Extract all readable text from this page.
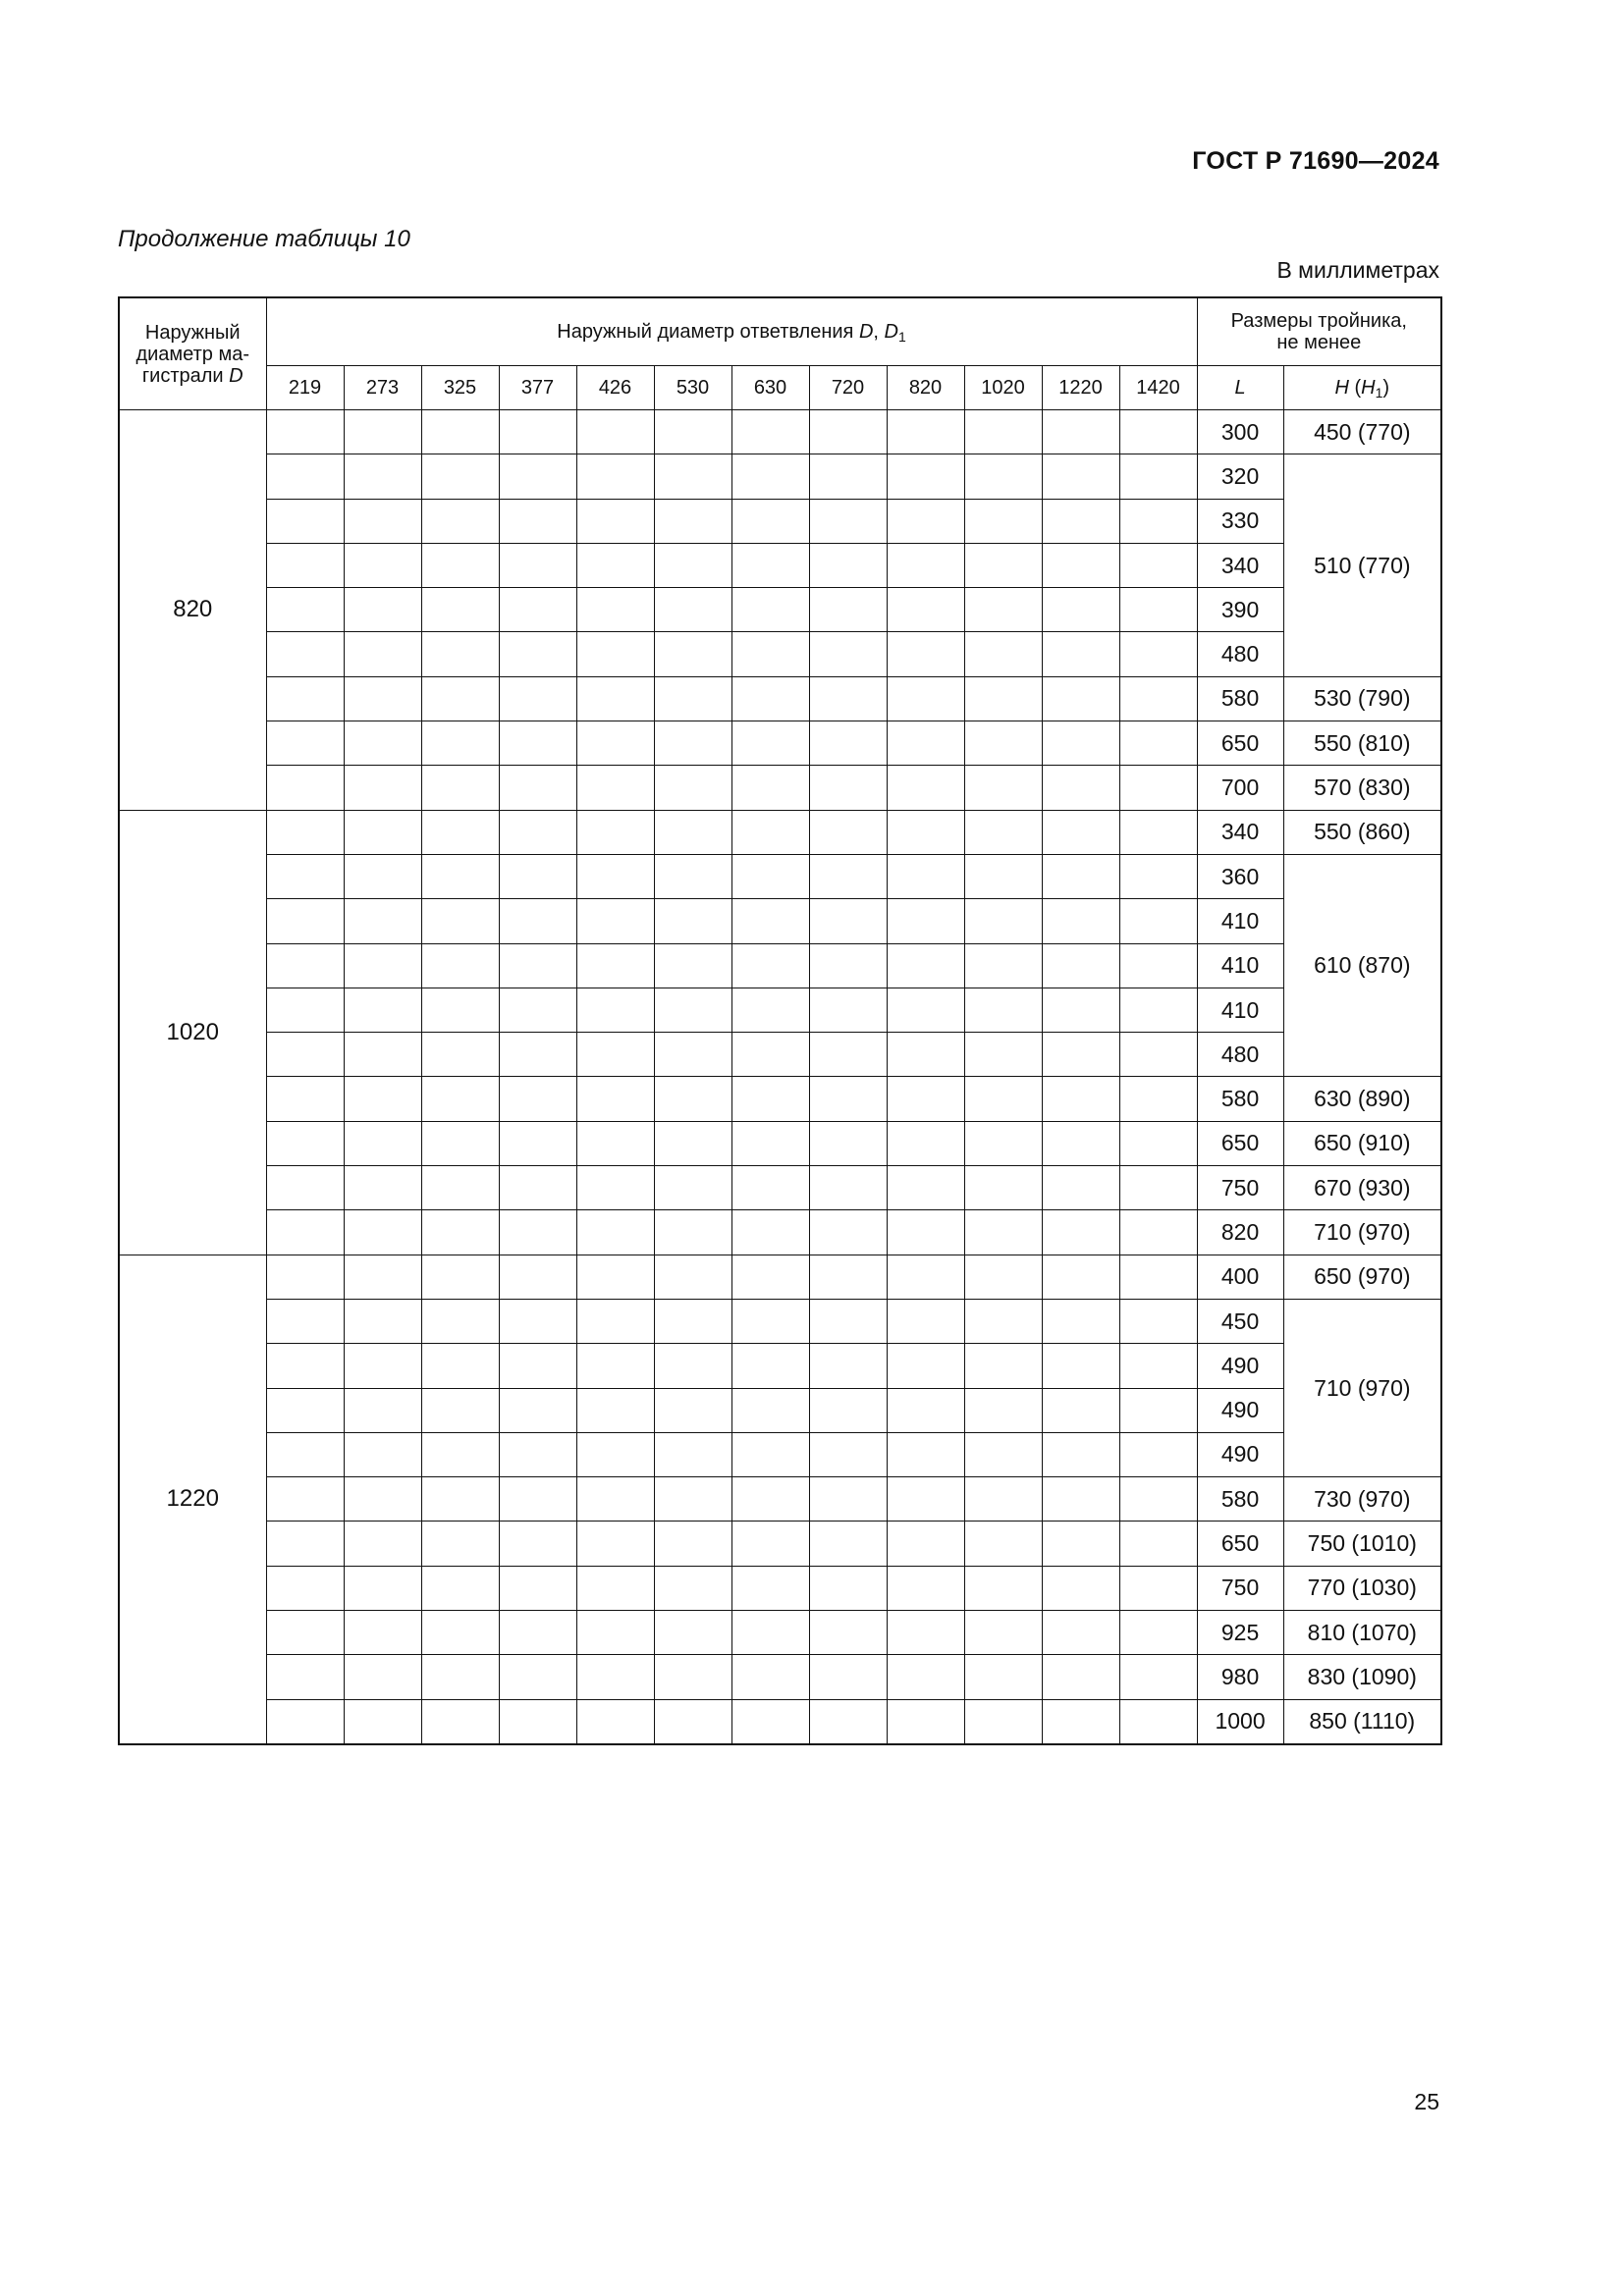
ГОСТ Р 71690—2024
Продолжение таблицы 10
В миллиметрах
Наружный
диаметр ма-
гистрали D	Наружный диаметр ответвления D, $D_1$												Размеры тройника,
не менее	
	219	273	325	377	426	530	630	720	820	1020	1220	1420	L	H $(H_1)$
820													300	450 (770)
													320	510 (770)
													330	
													340	
													390	
													480	
													580	530 (790)
													650	550 (810)
													700	570 (830)
1020													340	550 (860)
													360	610 (870)
													410	
													410	
													410	
													480	
													580	630 (890)
													650	650 (910)
													750	670 (930)
													820	710 (970)
1220													400	650 (970)
													450	710 (970)
													490	
													490	
													490	
													580	730 (970)
													650	750 (1010)
													750	770 (1030)
													925	810 (1070)
													980	830 (1090)
													1000	850 (1110)
25
